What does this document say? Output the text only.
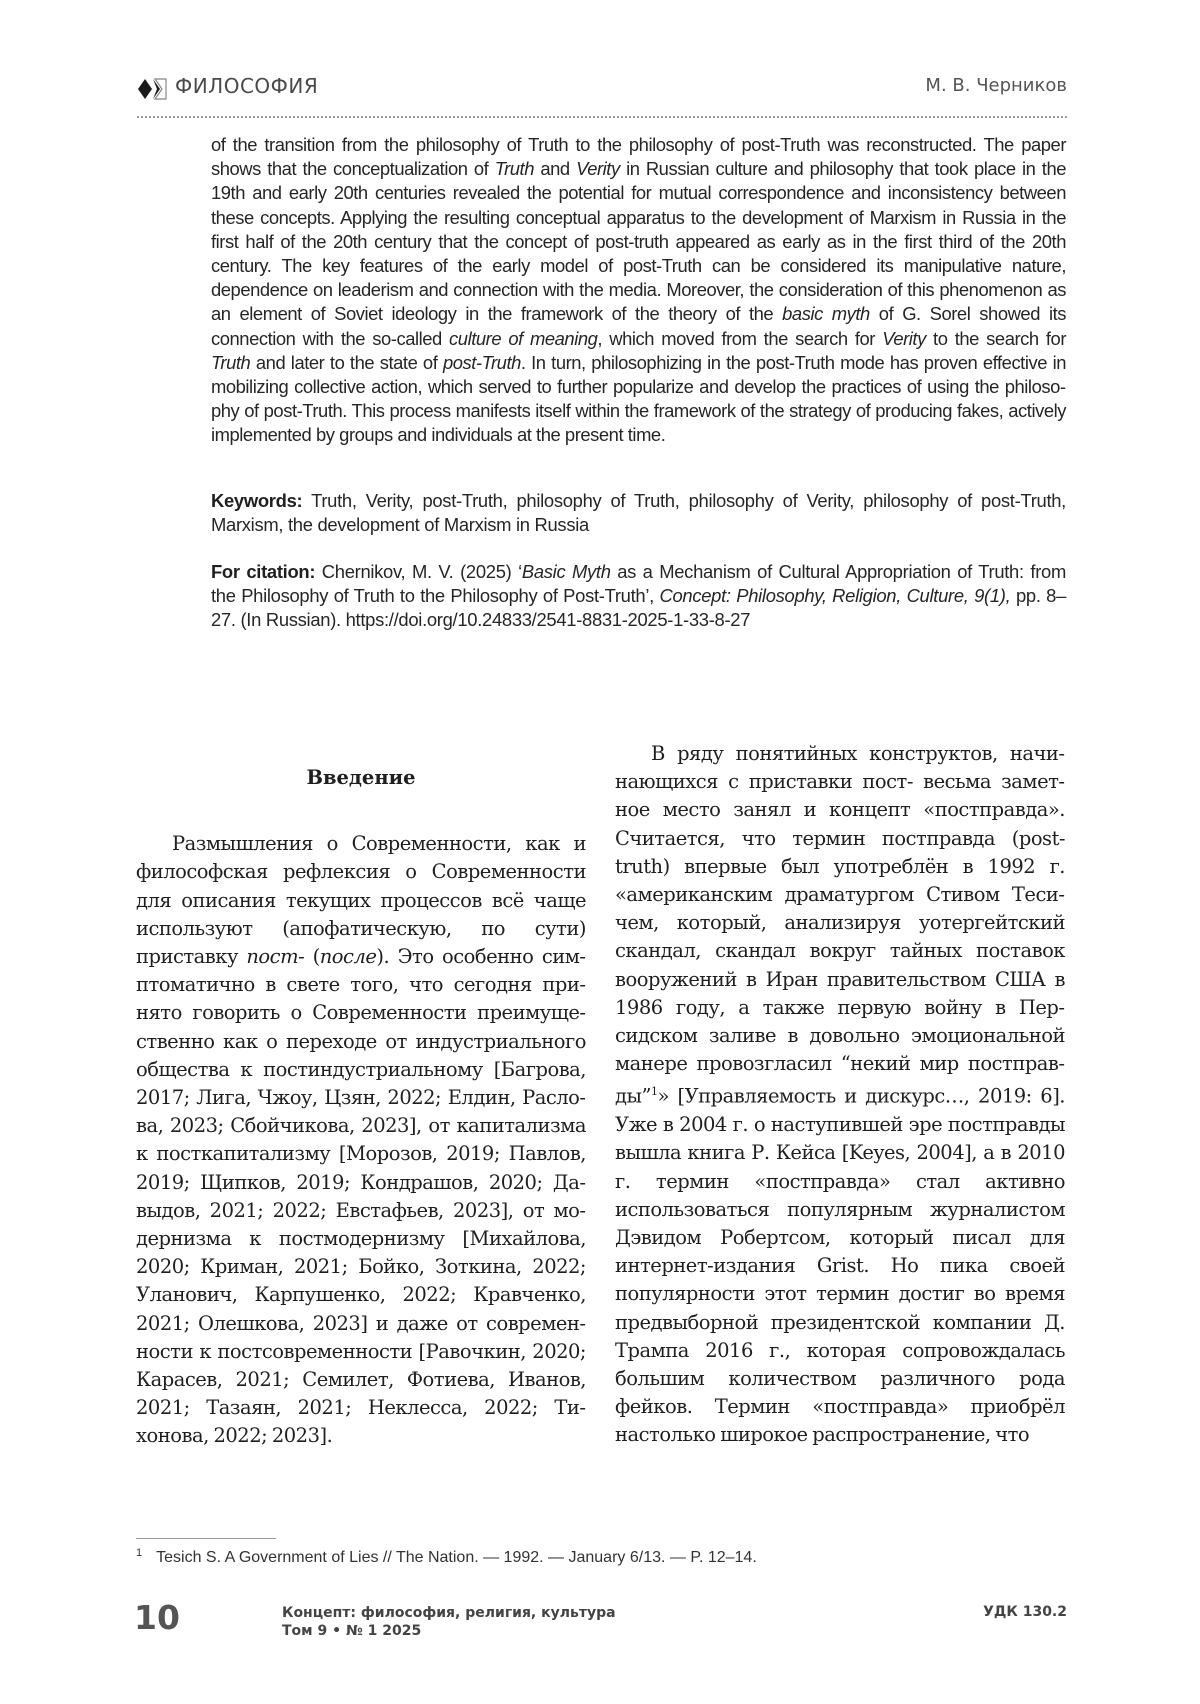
ФИЛОСОФИЯ	М. В. Черников

of the transition from the philosophy of Truth to the philosophy of post-Truth was reconstructed. The paper shows that the conceptualization of Truth and Verity in Russian culture and philosophy that took place in the 19th and early 20th centuries revealed the potential for mutual correspondence and inconsistency between these concepts. Applying the resulting conceptual apparatus to the development of Marxism in Russia in the first half of the 20th century that the concept of post-truth appeared as early as in the first third of the 20th century. The key features of the early model of post-Truth can be considered its manipulative nature, dependence on leaderism and connection with the media. Moreover, the consideration of this phenomenon as an element of Soviet ideology in the framework of the theory of the basic myth of G. Sorel showed its connection with the so-called culture of meaning, which moved from the search for Verity to the search for Truth and later to the state of post-Truth. In turn, philosophizing in the post-Truth mode has proven effective in mobilizing collective action, which served to further popularize and develop the practices of using the philosophy of post-Truth. This process manifests itself within the framework of the strategy of producing fakes, actively implemented by groups and individuals at the present time.

Keywords: Truth, Verity, post-Truth, philosophy of Truth, philosophy of Verity, philosophy of post-Truth, Marxism, the development of Marxism in Russia

For citation: Chernikov, M. V. (2025) ‘Basic Myth as a Mechanism of Cultural Appropriation of Truth: from the Philosophy of Truth to the Philosophy of Post-Truth’, Concept: Philosophy, Religion, Culture, 9(1), pp. 8–27. (In Russian). https://doi.org/10.24833/2541-8831-2025-1-33-8-27

Введение

Размышления о Современности, как и философская рефлексия о Современности для описания текущих процессов всё чаще используют (апофатическую, по сути) приставку пост- (после). Это особенно симптоматично в свете того, что сегодня принято говорить о Современности преимущественно как о переходе от индустриального общества к постиндустриальному [Багрова, 2017; Лига, Чжоу, Цзян, 2022; Елдин, Раслова, 2023; Сбойчикова, 2023], от капитализма к посткапитализму [Морозов, 2019; Павлов, 2019; Щипков, 2019; Кондрашов, 2020; Давыдов, 2021; 2022; Евстафьев, 2023], от модернизма к постмодернизму [Михайлова, 2020; Криман, 2021; Бойко, Зоткина, 2022; Уланович, Карпушенко, 2022; Кравченко, 2021; Олешкова, 2023] и даже от современности к постсовременности [Равочкин, 2020; Карасев, 2021; Семилет, Фотиева, Иванов, 2021; Тазаян, 2021; Неклесса, 2022; Тихонова, 2022; 2023].

В ряду понятийных конструктов, начинающихся с приставки пост- весьма заметное место занял и концепт «постправда». Считается, что термин постправда (post-truth) впервые был употреблён в 1992 г. «американским драматургом Стивом Тесичем, который, анализируя уотергейтский скандал, скандал вокруг тайных поставок вооружений в Иран правительством США в 1986 году, а также первую войну в Персидском заливе в довольно эмоциональной манере провозгласил “некий мир постправды”$^1$» [Управляемость и дискурс…, 2019: 6]. Уже в 2004 г. о наступившей эре постправды вышла книга Р. Кейса [Keyes, 2004], а в 2010 г. термин «постправда» стал активно использоваться популярным журналистом Дэвидом Робертсом, который писал для интернет-издания Grist. Но пика своей популярности этот термин достиг во время предвыборной президентской компании Д. Трампа 2016 г., которая сопровождалась большим количеством различного рода фейков. Термин «постправда» приобрёл настолько широкое распространение, что

$^1$ Tesich S. A Government of Lies // The Nation. — 1992. — January 6/13. — P. 12–14.
10	Концепт: философия, религия, культура
Том 9 • № 1 2025
УДК 130.2
